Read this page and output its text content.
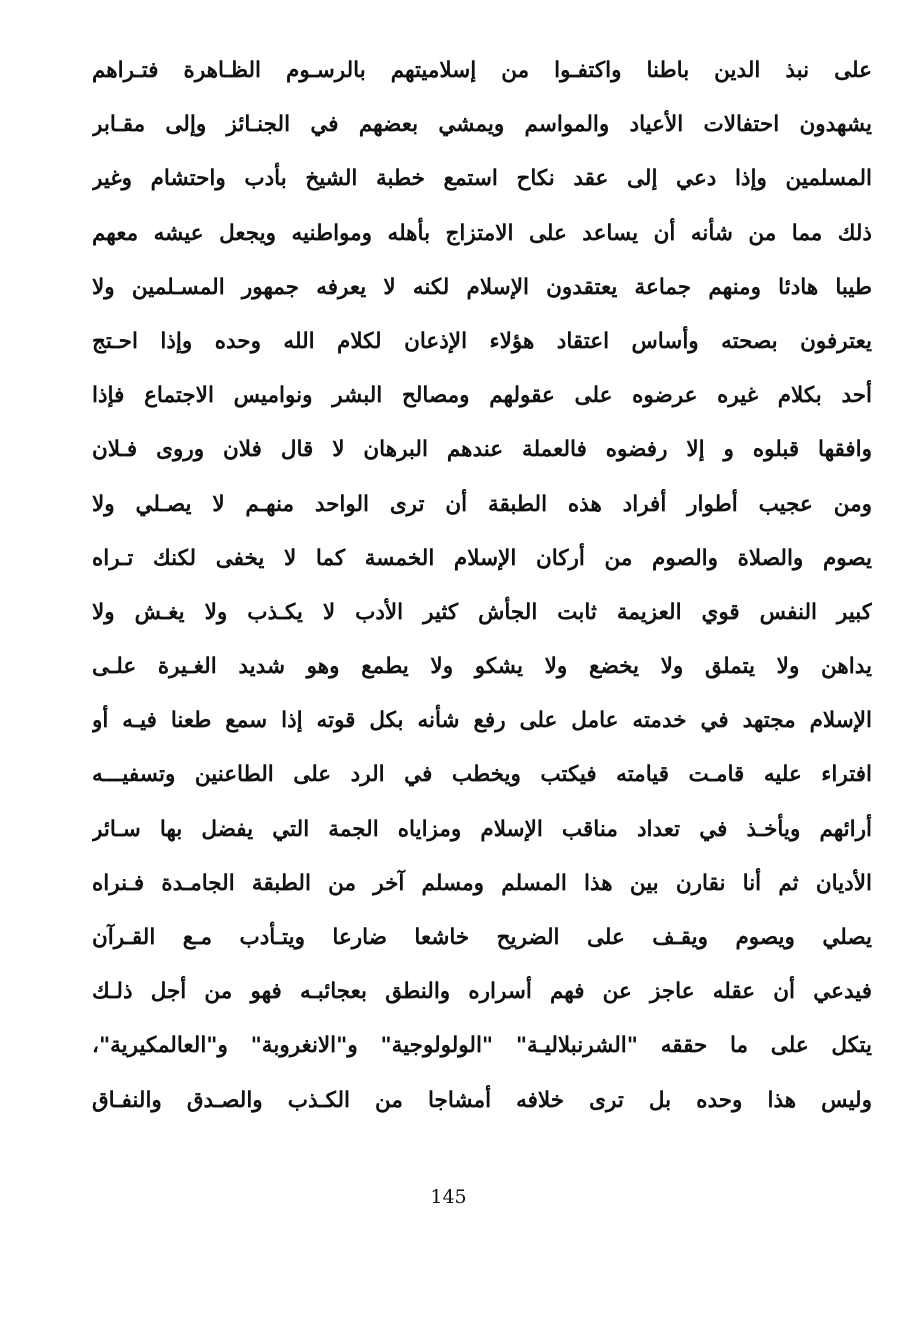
على نبذ الدين باطنا واكتفـوا من إسلاميتهم بالرسـوم الظـاهرة فتـراهم
يشهدون احتفالات الأعياد والمواسم ويمشي بعضهم في الجنـائز وإلى مقـابر
المسلمين وإذا دعي إلى عقد نكاح استمع خطبة الشيخ بأدب واحتشام وغير
ذلك مما من شأنه أن يساعد على الامتزاج بأهله ومواطنيه ويجعل عيشه معهم
طيبا هادئا ومنهم جماعة يعتقدون الإسلام لكنه لا يعرفه جمهور المسـلمين ولا
يعترفون بصحته وأساس اعتقاد هؤلاء الإذعان لكلام الله وحده وإذا احـتج
أحد بكلام غيره عرضوه على عقولهم ومصالح البشر ونواميس الاجتماع فإذا
وافقها قبلوه و إلا رفضوه فالعملة عندهم البرهان لا قال فلان وروى فـلان
ومن عجيب أطوار أفراد هذه الطبقة أن ترى الواحد منهـم لا يصـلي ولا
يصوم والصلاة والصوم من أركان الإسلام الخمسة كما لا يخفى لكنك تـراه
كبير النفس قوي العزيمة ثابت الجأش كثير الأدب لا يكـذب ولا يغـش ولا
يداهن ولا يتملق ولا يخضع ولا يشكو ولا يطمع وهو شديد الغـيرة علـى
الإسلام مجتهد في خدمته عامل على رفع شأنه بكل قوته إذا سمع طعنا فيـه أو
افتراء عليه قامـت قيامته فيكتب ويخطب في الرد على الطاعنين وتسفيـــه
أرائهم ويأخـذ في تعداد مناقب الإسلام ومزاياه الجمة التي يفضل بها سـائر
الأديان ثم أنا نقارن بين هذا المسلم ومسلم آخر من الطبقة الجامـدة فـنراه
يصلي ويصوم ويقـف على الضريح خاشعا ضارعا ويتـأدب مـع القـرآن
فيدعي أن عقله عاجز عن فهم أسراره والنطق بعجائبـه فهو من أجل ذلـك
يتكل على ما حققه "الشرنبلاليـة" "الولولوجية" و"الانغروبة" و"العالمكيرية"،
وليس هذا وحده بل ترى خلافه أمشاجا من الكـذب والصـدق والنفـاق
145
